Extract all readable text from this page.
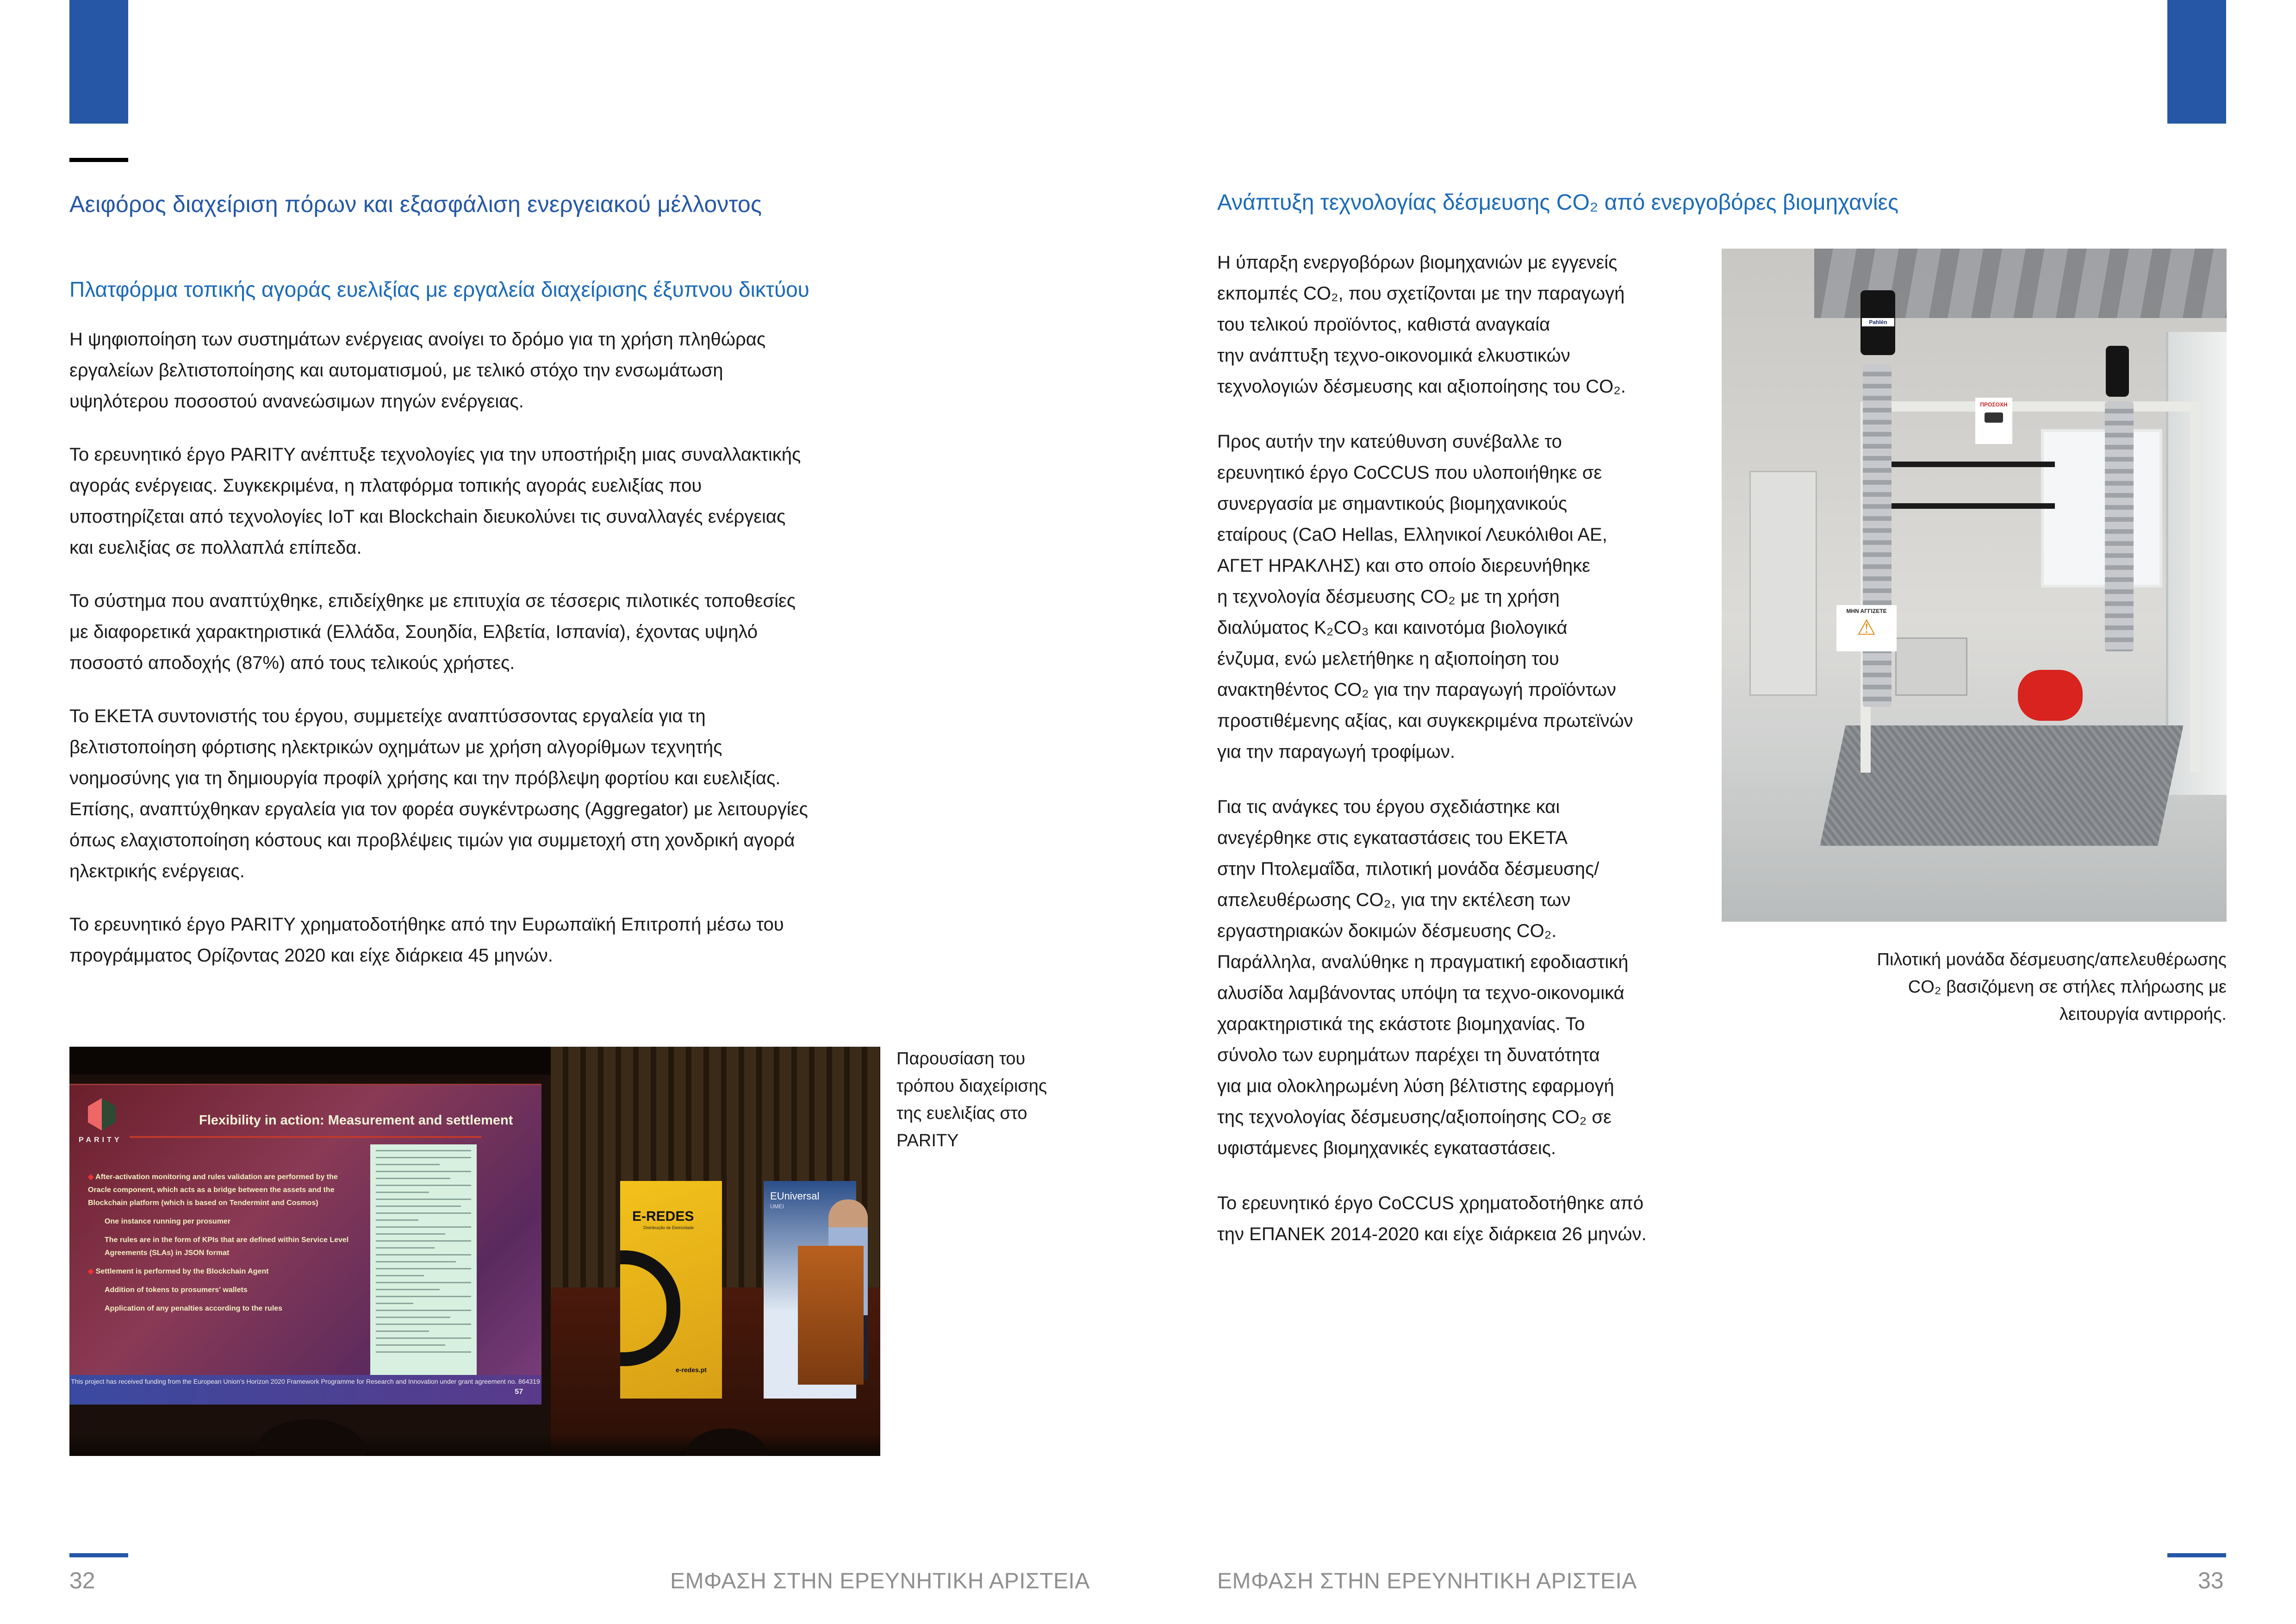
Αειφόρος διαχείριση πόρων και εξασφάλιση ενεργειακού μέλλοντος
Πλατφόρμα τοπικής αγοράς ευελιξίας με εργαλεία διαχείρισης έξυπνου δικτύου

Η ψηφιοποίηση των συστημάτων ενέργειας ανοίγει το δρόμο για τη χρήση πληθώρας
εργαλείων βελτιστοποίησης και αυτοματισμού, με τελικό στόχο την ενσωμάτωση
υψηλότερου ποσοστού ανανεώσιμων πηγών ενέργειας.

Το ερευνητικό έργο PARITY ανέπτυξε τεχνολογίες για την υποστήριξη μιας συναλλακτικής
αγοράς ενέργειας. Συγκεκριμένα, η πλατφόρμα τοπικής αγοράς ευελιξίας που
υποστηρίζεται από τεχνολογίες IoT και Blockchain διευκολύνει τις συναλλαγές ενέργειας
και ευελιξίας σε πολλαπλά επίπεδα.

Το σύστημα που αναπτύχθηκε, επιδείχθηκε με επιτυχία σε τέσσερις πιλοτικές τοποθεσίες
με διαφορετικά χαρακτηριστικά (Ελλάδα, Σουηδία, Ελβετία, Ισπανία), έχοντας υψηλό
ποσοστό αποδοχής (87%) από τους τελικούς χρήστες.

Το ΕΚΕΤΑ συντονιστής του έργου, συμμετείχε αναπτύσσοντας εργαλεία για τη
βελτιστοποίηση φόρτισης ηλεκτρικών οχημάτων με χρήση αλγορίθμων τεχνητής
νοημοσύνης για τη δημιουργία προφίλ χρήσης και την πρόβλεψη φορτίου και ευελιξίας.
Επίσης, αναπτύχθηκαν εργαλεία για τον φορέα συγκέντρωσης (Aggregator) με λειτουργίες
όπως ελαχιστοποίηση κόστους και προβλέψεις τιμών για συμμετοχή στη χονδρική αγορά
ηλεκτρικής ενέργειας.

Το ερευνητικό έργο PARITY χρηματοδοτήθηκε από την Ευρωπαϊκή Επιτροπή μέσω του
προγράμματος Ορίζοντας 2020 και είχε διάρκεια 45 μηνών.

PARITY
Flexibility in action: Measurement and settlement
◆ After-activation monitoring and rules validation are performed by the Oracle component, which acts as a bridge between the assets and the Blockchain platform (which is based on Tendermint and Cosmos)
One instance running per prosumer
The rules are in the form of KPIs that are defined within Service Level Agreements (SLAs) in JSON format
◆ Settlement is performed by the Blockchain Agent
Addition of tokens to prosumers' wallets
Application of any penalties according to the rules
This project has received funding from the European Union's Horizon 2020 Framework Programme for Research and Innovation under grant agreement no. 864319
57
E-REDES
Distribuição de Eletricidade
e-redes.pt
EUniversal
UMEI
Παρουσίαση του
τρόπου διαχείρισης
της ευελιξίας στο
PARITY
32	ΕΜΦΑΣΗ ΣΤΗΝ ΕΡΕΥΝΗΤΙΚΗ ΑΡΙΣΤΕΙΑ
Ανάπτυξη τεχνολογίας δέσμευσης CO₂ από ενεργοβόρες βιομηχανίες

Η ύπαρξη ενεργοβόρων βιομηχανιών με εγγενείς
εκπομπές CO₂, που σχετίζονται με την παραγωγή
του τελικού προϊόντος, καθιστά αναγκαία
την ανάπτυξη τεχνο-οικονομικά ελκυστικών
τεχνολογιών δέσμευσης και αξιοποίησης του CO₂.

Προς αυτήν την κατεύθυνση συνέβαλλε το
ερευνητικό έργο CoCCUS που υλοποιήθηκε σε
συνεργασία με σημαντικούς βιομηχανικούς
εταίρους (CaO Hellas, Ελληνικοί Λευκόλιθοι ΑΕ,
ΑΓΕΤ ΗΡΑΚΛΗΣ) και στο οποίο διερευνήθηκε
η τεχνολογία δέσμευσης CO₂ με τη χρήση
διαλύματος K₂CO₃ και καινοτόμα βιολογικά
ένζυμα, ενώ μελετήθηκε η αξιοποίηση του
ανακτηθέντος CO₂ για την παραγωγή προϊόντων
προστιθέμενης αξίας, και συγκεκριμένα πρωτεϊνών
για την παραγωγή τροφίμων.

Για τις ανάγκες του έργου σχεδιάστηκε και
ανεγέρθηκε στις εγκαταστάσεις του ΕΚΕΤΑ
στην Πτολεμαΐδα, πιλοτική μονάδα δέσμευσης/
απελευθέρωσης CO₂, για την εκτέλεση των
εργαστηριακών δοκιμών δέσμευσης CO₂.
Παράλληλα, αναλύθηκε η πραγματική εφοδιαστική
αλυσίδα λαμβάνοντας υπόψη τα τεχνο-οικονομικά
χαρακτηριστικά της εκάστοτε βιομηχανίας. Το
σύνολο των ευρημάτων παρέχει τη δυνατότητα
για μια ολοκληρωμένη λύση βέλτιστης εφαρμογή
της τεχνολογίας δέσμευσης/αξιοποίησης CO₂ σε
υφιστάμενες βιομηχανικές εγκαταστάσεις.

Το ερευνητικό έργο CoCCUS χρηματοδοτήθηκε από
την ΕΠΑΝΕΚ 2014-2020 και είχε διάρκεια 26 μηνών.

Pahlén
ΠΡΟΣΟΧΗ
ΜΗΝ ΑΓΓΙΖΕΤΕ
⚠
Πιλοτική μονάδα δέσμευσης/απελευθέρωσης
CO₂ βασιζόμενη σε στήλες πλήρωσης με
λειτουργία αντιρροής.
33
ΕΜΦΑΣΗ ΣΤΗΝ ΕΡΕΥΝΗΤΙΚΗ ΑΡΙΣΤΕΙΑ
